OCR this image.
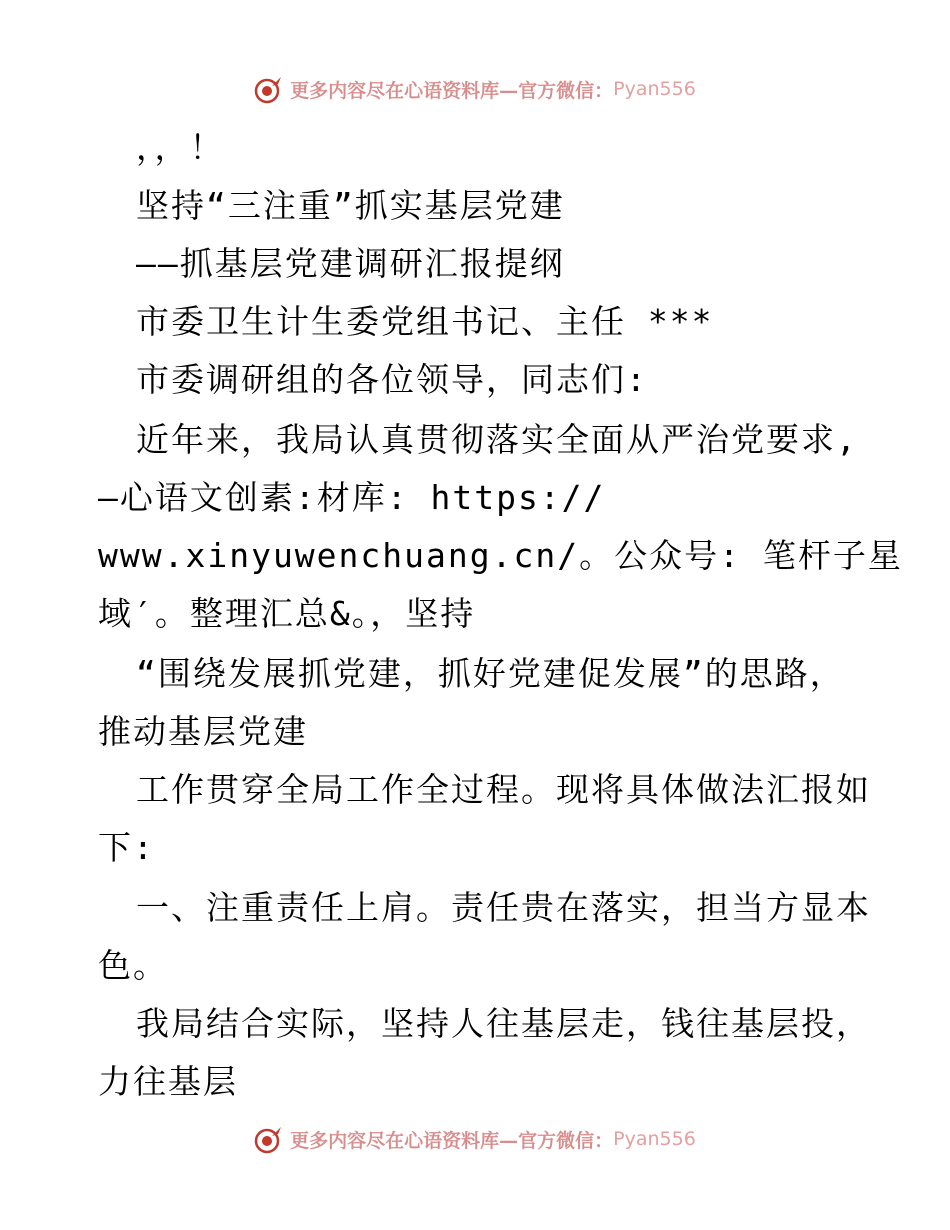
更多内容尽在心语资料库—官方微信： Pyan556
，，！
坚持“三注重”抓实基层党建
——抓基层党建调研汇报提纲
市委卫生计生委党组书记、主任 ***
市委调研组的各位领导，同志们:
近年来，我局认真贯彻落实全面从严治党要求,
—心语文创素:材库: https://
www.xinyuwenchuang.cn/。公众号: 笔杆子星
域′。整理汇总&。，坚持
“围绕发展抓党建，抓好党建促发展”的思路，
推动基层党建
工作贯穿全局工作全过程。现将具体做法汇报如
下:
一、注重责任上肩。责任贵在落实，担当方显本
色。
我局结合实际，坚持人往基层走，钱往基层投，
力往基层
更多内容尽在心语资料库—官方微信： Pyan556
